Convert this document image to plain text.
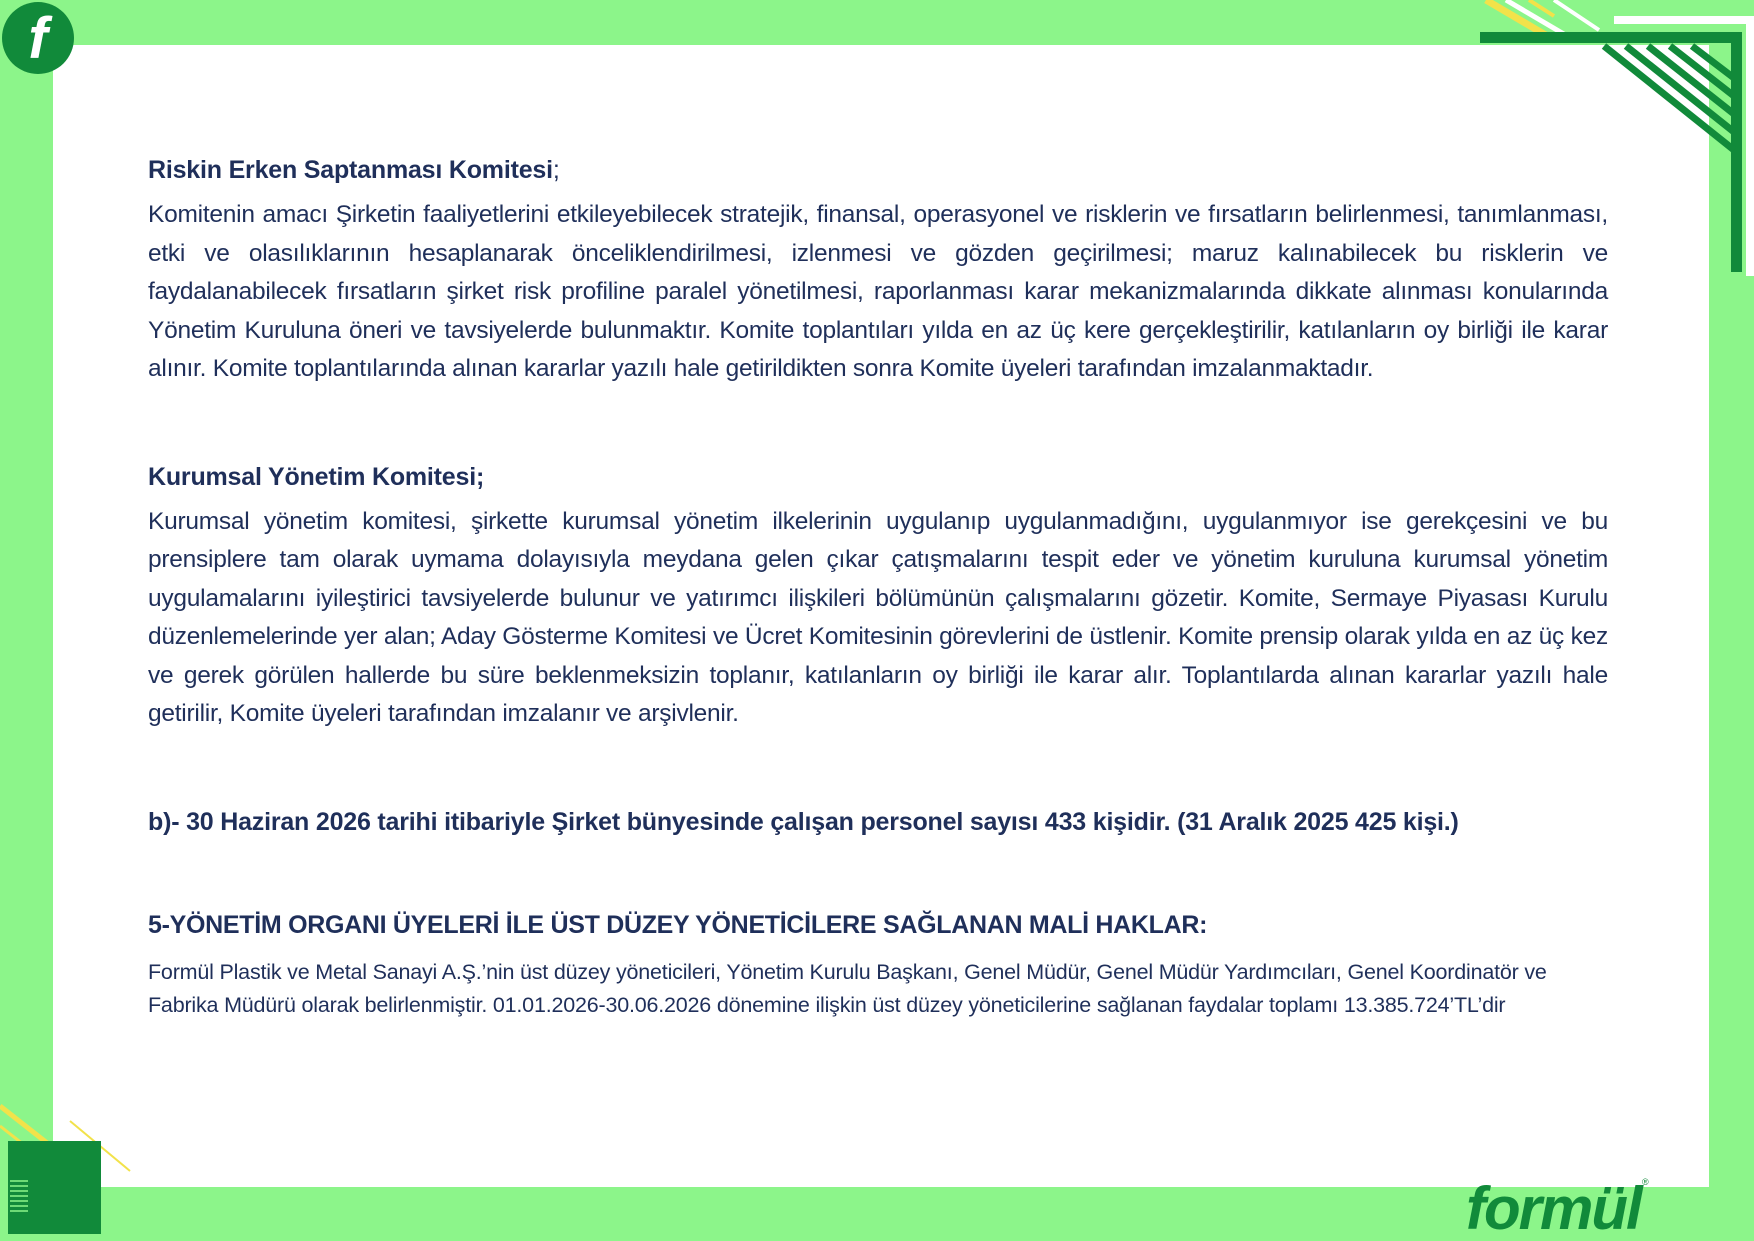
f
formül ®
Riskin Erken Saptanması Komitesi;

Komitenin amacı Şirketin faaliyetlerini etkileyebilecek stratejik, finansal, operasyonel ve risklerin ve fırsatların belirlenmesi, tanımlanması, etki ve olasılıklarının hesaplanarak önceliklendirilmesi, izlenmesi ve gözden geçirilmesi; maruz kalınabilecek bu risklerin ve faydalanabilecek fırsatların şirket risk profiline paralel yönetilmesi, raporlanması karar mekanizmalarında dikkate alınması konularında Yönetim Kuruluna öneri ve tavsiyelerde bulunmaktır. Komite toplantıları yılda en az üç kere gerçekleştirilir, katılanların oy birliği ile karar alınır. Komite toplantılarında alınan kararlar yazılı hale getirildikten sonra Komite üyeleri tarafından imzalanmaktadır.

Kurumsal Yönetim Komitesi;

Kurumsal yönetim komitesi, şirkette kurumsal yönetim ilkelerinin uygulanıp uygulanmadığını, uygulanmıyor ise gerekçesini ve bu prensiplere tam olarak uymama dolayısıyla meydana gelen çıkar çatışmalarını tespit eder ve yönetim kuruluna kurumsal yönetim uygulamalarını iyileştirici tavsiyelerde bulunur ve yatırımcı ilişkileri bölümünün çalışmalarını gözetir. Komite, Sermaye Piyasası Kurulu düzenlemelerinde yer alan; Aday Gösterme Komitesi ve Ücret Komitesinin görevlerini de üstlenir. Komite prensip olarak yılda en az üç kez ve gerek görülen hallerde bu süre beklenmeksizin toplanır, katılanların oy birliği ile karar alır. Toplantılarda alınan kararlar yazılı hale getirilir, Komite üyeleri tarafından imzalanır ve arşivlenir.

b)- 30 Haziran 2026 tarihi itibariyle Şirket bünyesinde çalışan personel sayısı 433 kişidir. (31 Aralık 2025 425 kişi.)
5-YÖNETİM ORGANI ÜYELERİ İLE ÜST DÜZEY YÖNETİCİLERE SAĞLANAN MALİ HAKLAR:

Formül Plastik ve Metal Sanayi A.Ş.’nin üst düzey yöneticileri, Yönetim Kurulu Başkanı, Genel Müdür, Genel Müdür Yardımcıları, Genel Koordinatör ve Fabrika Müdürü olarak belirlenmiştir. 01.01.2026-30.06.2026 dönemine ilişkin üst düzey yöneticilerine sağlanan faydalar toplamı 13.385.724’TL’dir
